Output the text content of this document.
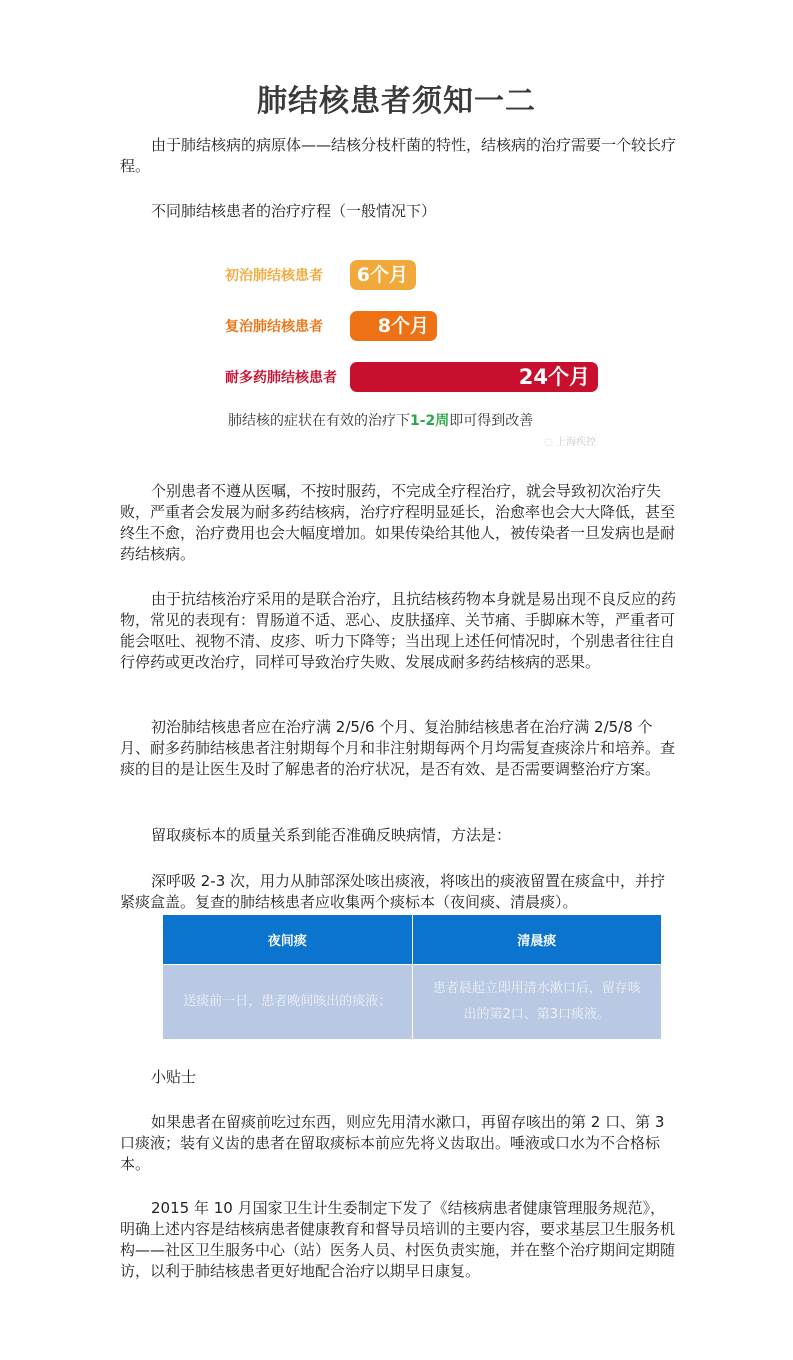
肺结核患者须知一二

由于肺结核病的病原体——结核分枝杆菌的特性，结核病的治疗需要一个较长疗程。

不同肺结核患者的治疗疗程（一般情况下）

初治肺结核患者	6个月
复治肺结核患者	8个月
耐多药肺结核患者	24个月
肺结核的症状在有效的治疗下1-2周即可得到改善
◌ 上海疾控

个别患者不遵从医嘱，不按时服药，不完成全疗程治疗，就会导致初次治疗失败，严重者会发展为耐多药结核病，治疗疗程明显延长，治愈率也会大大降低，甚至终生不愈，治疗费用也会大幅度增加。如果传染给其他人，被传染者一旦发病也是耐药结核病。

由于抗结核治疗采用的是联合治疗，且抗结核药物本身就是易出现不良反应的药物，常见的表现有：胃肠道不适、恶心、皮肤搔痒、关节痛、手脚麻木等，严重者可能会呕吐、视物不清、皮疹、听力下降等；当出现上述任何情况时，个别患者往往自行停药或更改治疗，同样可导致治疗失败、发展成耐多药结核病的恶果。

初治肺结核患者应在治疗满 2/5/6 个月、复治肺结核患者在治疗满 2/5/8 个月、耐多药肺结核患者注射期每个月和非注射期每两个月均需复查痰涂片和培养。查痰的目的是让医生及时了解患者的治疗状况，是否有效、是否需要调整治疗方案。

留取痰标本的质量关系到能否准确反映病情，方法是：

深呼吸 2-3 次，用力从肺部深处咳出痰液，将咳出的痰液留置在痰盒中，并拧紧痰盒盖。复查的肺结核患者应收集两个痰标本（夜间痰、清晨痰）。

夜间痰	清晨痰
送痰前一日，患者晚间咳出的痰液；	患者晨起立即用清水漱口后，留存咳出的第2口、第3口痰液。

小贴士

如果患者在留痰前吃过东西，则应先用清水漱口，再留存咳出的第 2 口、第 3 口痰液；装有义齿的患者在留取痰标本前应先将义齿取出。唾液或口水为不合格标本。

2015 年 10 月国家卫生计生委制定下发了《结核病患者健康管理服务规范》，明确上述内容是结核病患者健康教育和督导员培训的主要内容，要求基层卫生服务机构——社区卫生服务中心（站）医务人员、村医负责实施，并在整个治疗期间定期随访，以利于肺结核患者更好地配合治疗以期早日康复。
